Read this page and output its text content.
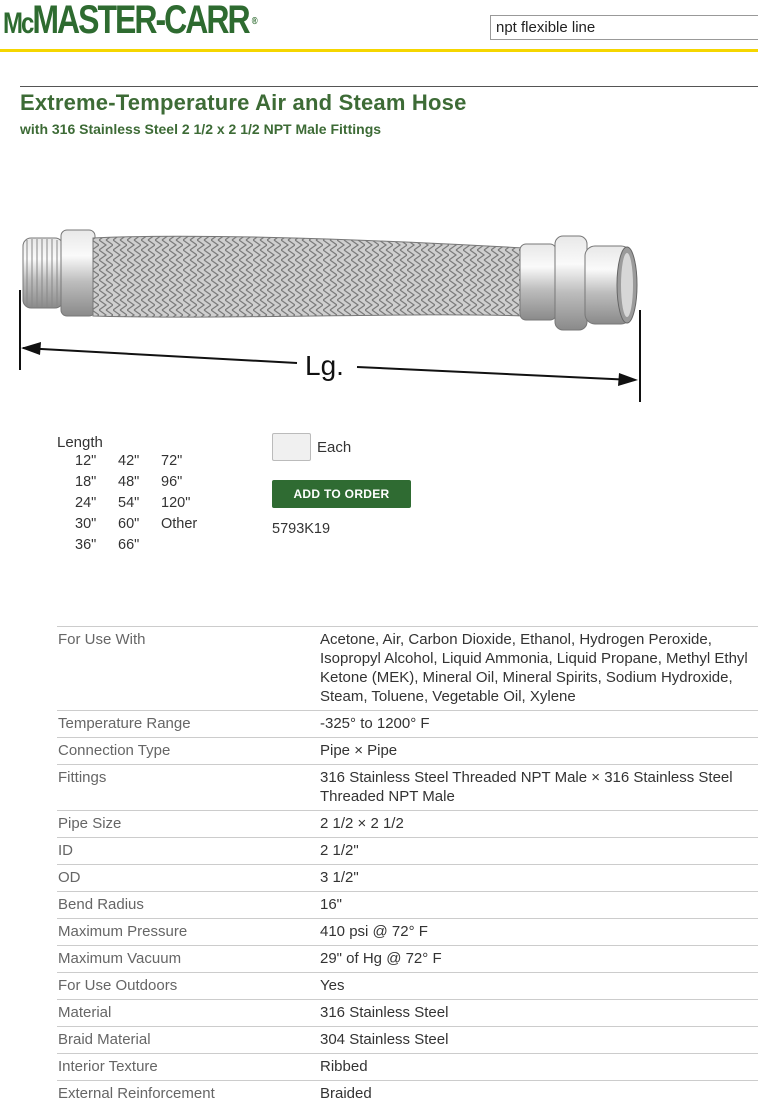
McMASTER-CARR ®
npt flexible line
Extreme-Temperature Air and Steam Hose
with 316 Stainless Steel 2 1/2 x 2 1/2 NPT Male Fittings
Lg.
Length
12"	42"	72"
18"	48"	96"
24"	54"	120"
30"	60"	Other
36"	66"
Each
ADD TO ORDER
5793K19
For Use With	Acetone, Air, Carbon Dioxide, Ethanol, Hydrogen Peroxide, Isopropyl Alcohol, Liquid Ammonia, Liquid Propane, Methyl Ethyl Ketone (MEK), Mineral Oil, Mineral Spirits, Sodium Hydroxide, Steam, Toluene, Vegetable Oil, Xylene
Temperature Range	-325° to 1200° F
Connection Type	Pipe × Pipe
Fittings	316 Stainless Steel Threaded NPT Male × 316 Stainless Steel Threaded NPT Male
Pipe Size	2 1/2 × 2 1/2
ID	2 1/2"
OD	3 1/2"
Bend Radius	16"
Maximum Pressure	410 psi @ 72° F
Maximum Vacuum	29" of Hg @ 72° F
For Use Outdoors	Yes
Material	316 Stainless Steel
Braid Material	304 Stainless Steel
Interior Texture	Ribbed
External Reinforcement	Braided
